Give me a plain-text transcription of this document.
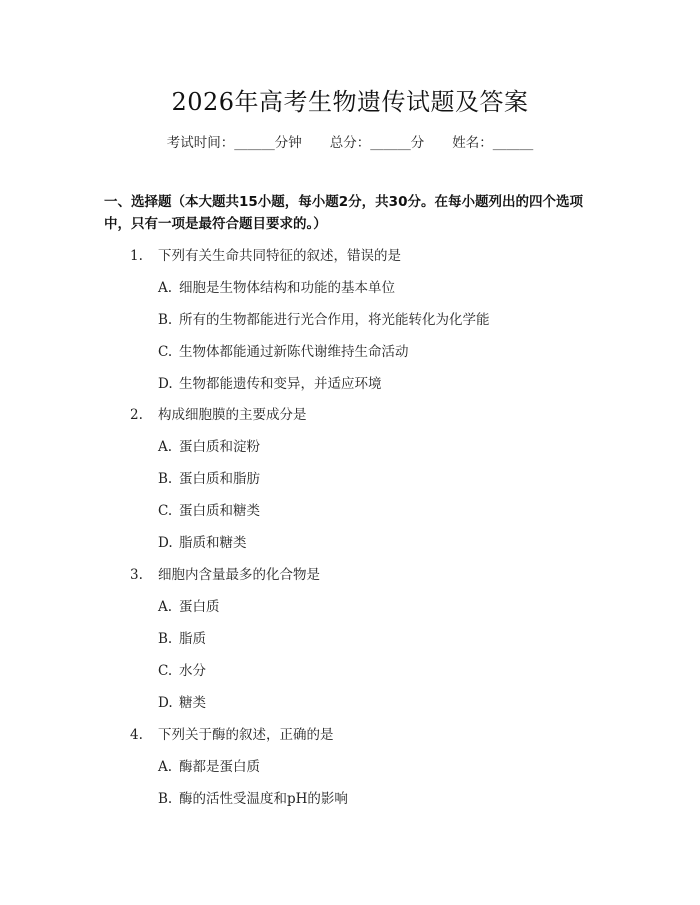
2026年高考生物遗传试题及答案
考试时间：______分钟 总分：______分 姓名：______
一、选择题（本大题共15小题，每小题2分，共30分。在每小题列出的四个选项中，只有一项是最符合题目要求的。）
1. 下列有关生命共同特征的叙述，错误的是
A. 细胞是生物体结构和功能的基本单位
B. 所有的生物都能进行光合作用，将光能转化为化学能
C. 生物体都能通过新陈代谢维持生命活动
D. 生物都能遗传和变异，并适应环境
2. 构成细胞膜的主要成分是
A. 蛋白质和淀粉
B. 蛋白质和脂肪
C. 蛋白质和糖类
D. 脂质和糖类
3. 细胞内含量最多的化合物是
A. 蛋白质
B. 脂质
C. 水分
D. 糖类
4. 下列关于酶的叙述，正确的是
A. 酶都是蛋白质
B. 酶的活性受温度和pH的影响
